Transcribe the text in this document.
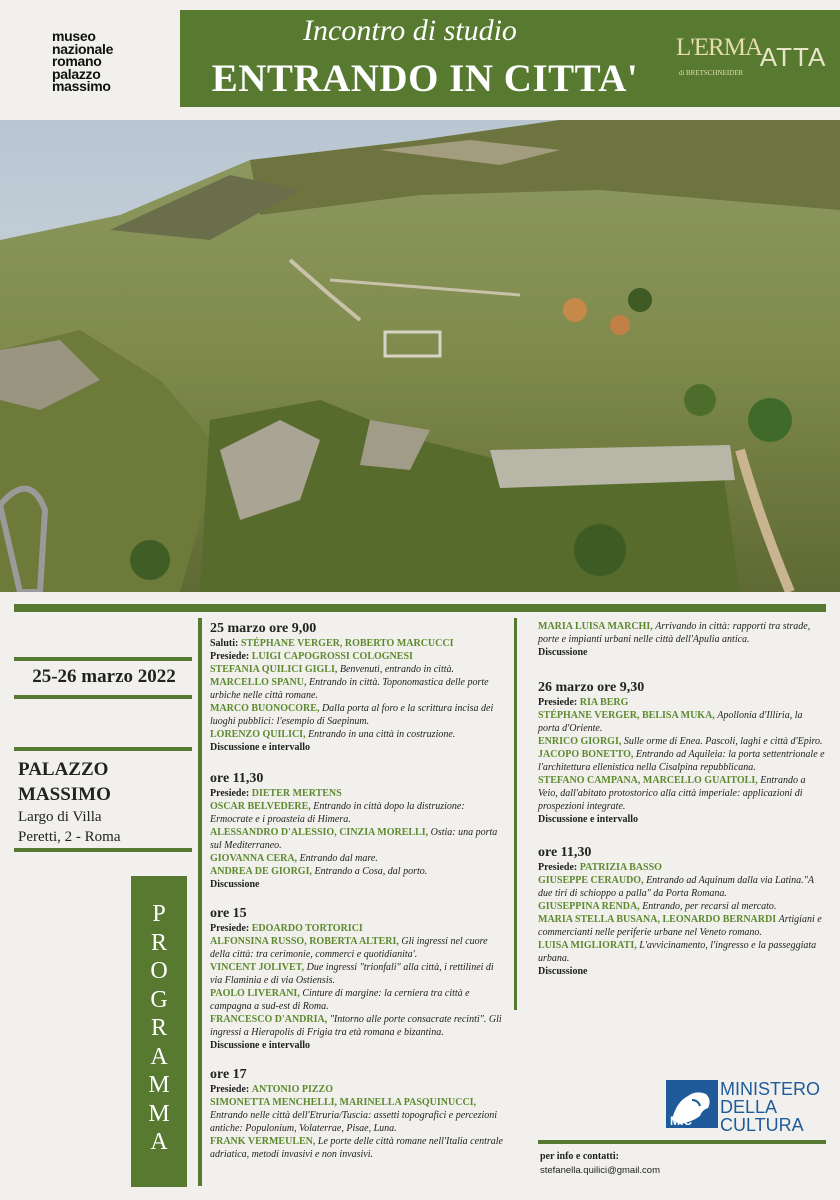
museo
nazionale
romano
palazzo
massimo
Incontro di studio
ENTRANDO IN CITTA'
L'ERMA
di BRETSCHNEIDER
ATTA
25-26 marzo 2022
PALAZZO
MASSIMO
Largo di Villa
Peretti, 2 - Roma
P
R
O
G
R
A
M
M
A
25 marzo ore 9,00
Saluti: STÉPHANE VERGER, ROBERTO MARCUCCI
Presiede: LUIGI CAPOGROSSI COLOGNESI
STEFANIA QUILICI GIGLI, Benvenuti, entrando in città.
MARCELLO SPANU, Entrando in città. Toponomastica delle porte urbiche nelle città romane.
MARCO BUONOCORE, Dalla porta al foro e la scrittura incisa dei luoghi pubblici: l'esempio di Saepinum.
LORENZO QUILICI, Entrando in una città in costruzione.
Discussione e intervallo
ore 11,30
Presiede: DIETER MERTENS
OSCAR BELVEDERE, Entrando in città dopo la distruzione: Ermocrate e i proasteia di Himera.
ALESSANDRO D'ALESSIO, CINZIA MORELLI, Ostia: una porta sul Mediterraneo.
GIOVANNA CERA, Entrando dal mare.
ANDREA DE GIORGI, Entrando a Cosa, dal porto.
Discussione
ore 15
Presiede: EDOARDO TORTORICI
ALFONSINA RUSSO, ROBERTA ALTERI, Gli ingressi nel cuore della città: tra cerimonie, commerci e quotidianita'.
VINCENT JOLIVET, Due ingressi "trionfali" alla città, i rettilinei di via Flaminia e di via Ostiensis.
PAOLO LIVERANI, Cinture di margine: la cerniera tra città e campagna a sud-est di Roma.
FRANCESCO D'ANDRIA, "Intorno alle porte consacrate recinti". Gli ingressi a Hierapolis di Frigia tra età romana e bizantina.
Discussione e intervallo
ore 17
Presiede: ANTONIO PIZZO
SIMONETTA MENCHELLI, MARINELLA PASQUINUCCI, Entrando nelle città dell'Etruria/Tuscia: assetti topografici e percezioni antiche: Populonium, Volaterrae, Pisae, Luna.
FRANK VERMEULEN, Le porte delle città romane nell'Italia centrale adriatica, metodi invasivi e non invasivi.
MARIA LUISA MARCHI, Arrivando in città: rapporti tra strade, porte e impianti urbani nelle città dell'Apulia antica.
Discussione
26 marzo ore 9,30
Presiede: RIA BERG
STÉPHANE VERGER, BELISA MUKA, Apollonia d'Illiria, la porta d'Oriente.
ENRICO GIORGI, Sulle orme di Enea. Pascoli, laghi e città d'Epiro.
JACOPO BONETTO, Entrando ad Aquileia: la porta settentrionale e l'architettura ellenistica nella Cisalpina repubblicana.
STEFANO CAMPANA, MARCELLO GUAITOLI, Entrando a Veio, dall'abitato protostorico alla città imperiale: applicazioni di prospezioni integrate.
Discussione e intervallo
ore 11,30
Presiede: PATRIZIA BASSO
GIUSEPPE CERAUDO, Entrando ad Aquinum dalla via Latina."A due tiri di schioppo a palla" da Porta Romana.
GIUSEPPINA RENDA, Entrando, per recarsi al mercato.
MARIA STELLA BUSANA, LEONARDO BERNARDI Artigiani e commercianti nelle periferie urbane nel Veneto romano.
LUISA MIGLIORATI, L'avvicinamento, l'ingresso e la passeggiata urbana.
Discussione
MiC
MINISTERO
DELLA
CULTURA
per info e contatti:
stefanella.quilici@gmail.com
